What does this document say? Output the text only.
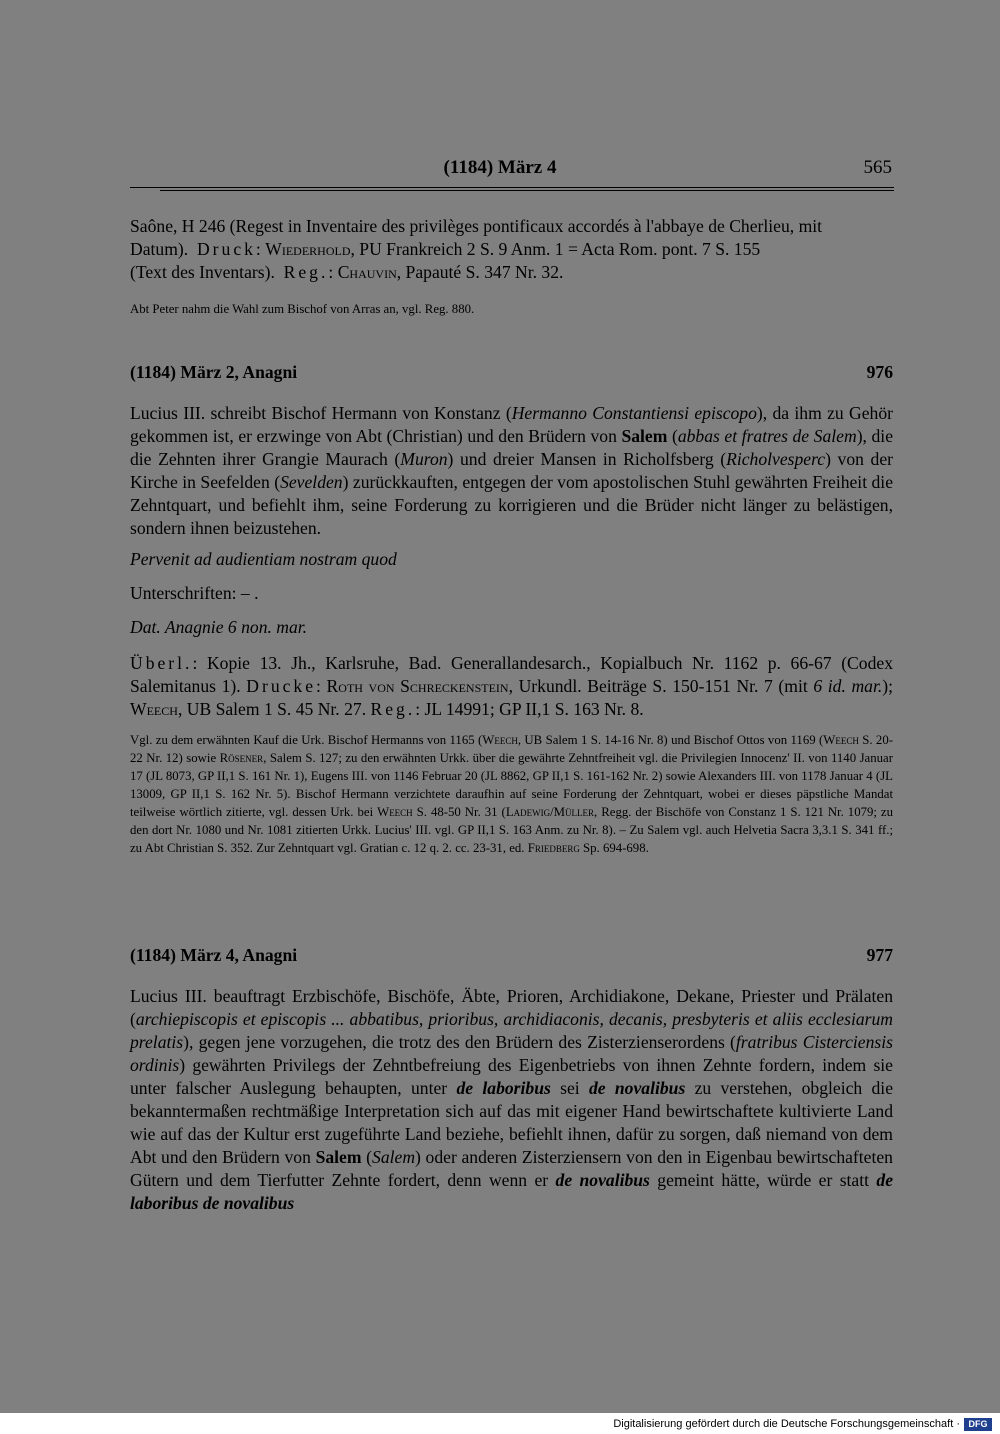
(1184) März 4	565
Saône, H 246 (Regest in Inventaire des privilèges pontificaux accordés à l'abbaye de Cherlieu, mit
Datum). Druck: Wiederhold, PU Frankreich 2 S. 9 Anm. 1 = Acta Rom. pont. 7 S. 155
(Text des Inventars). Reg.: Chauvin, Papauté S. 347 Nr. 32.
Abt Peter nahm die Wahl zum Bischof von Arras an, vgl. Reg. 880.
(1184) März 2, Anagni	976
Lucius III. schreibt Bischof Hermann von Konstanz (Hermanno Constantiensi episcopo), da ihm zu Gehör gekommen ist, er erzwinge von Abt (Christian) und den Brüdern von Salem (abbas et fratres de Salem), die die Zehnten ihrer Grangie Maurach (Muron) und dreier Mansen in Richolfsberg (Richolvesperc) von der Kirche in Seefelden (Sevelden) zurückkauften, entgegen der vom apostolischen Stuhl gewährten Freiheit die Zehntquart, und befiehlt ihm, seine Forderung zu korrigieren und die Brüder nicht länger zu belästigen, sondern ihnen beizustehen.
Pervenit ad audientiam nostram quod
Unterschriften: – .
Dat. Anagnie 6 non. mar.
Überl.: Kopie 13. Jh., Karlsruhe, Bad. Generallandesarch., Kopialbuch Nr. 1162 p. 66-67 (Codex Salemitanus 1). Drucke: Roth von Schreckenstein, Urkundl. Beiträge S. 150-151 Nr. 7 (mit 6 id. mar.); Weech, UB Salem 1 S. 45 Nr. 27. Reg.: JL 14991; GP II,1 S. 163 Nr. 8.
Vgl. zu dem erwähnten Kauf die Urk. Bischof Hermanns von 1165 (Weech, UB Salem 1 S. 14-16 Nr. 8) und Bischof Ottos von 1169 (Weech S. 20-22 Nr. 12) sowie Rösener, Salem S. 127; zu den erwähnten Urkk. über die gewährte Zehntfreiheit vgl. die Privilegien Innocenz' II. von 1140 Januar 17 (JL 8073, GP II,1 S. 161 Nr. 1), Eugens III. von 1146 Februar 20 (JL 8862, GP II,1 S. 161-162 Nr. 2) sowie Alexanders III. von 1178 Januar 4 (JL 13009, GP II,1 S. 162 Nr. 5). Bischof Hermann verzichtete daraufhin auf seine Forderung der Zehntquart, wobei er dieses päpstliche Mandat teilweise wörtlich zitierte, vgl. dessen Urk. bei Weech S. 48-50 Nr. 31 (Ladewig/Müller, Regg. der Bischöfe von Constanz 1 S. 121 Nr. 1079; zu den dort Nr. 1080 und Nr. 1081 zitierten Urkk. Lucius' III. vgl. GP II,1 S. 163 Anm. zu Nr. 8). – Zu Salem vgl. auch Helvetia Sacra 3,3.1 S. 341 ff.; zu Abt Christian S. 352. Zur Zehntquart vgl. Gratian c. 12 q. 2. cc. 23-31, ed. Friedberg Sp. 694-698.
(1184) März 4, Anagni	977
Lucius III. beauftragt Erzbischöfe, Bischöfe, Äbte, Prioren, Archidiakone, Dekane, Priester und Prälaten (archiepiscopis et episcopis ... abbatibus, prioribus, archidiaconis, decanis, presbyteris et aliis ecclesiarum prelatis), gegen jene vorzugehen, die trotz des den Brüdern des Zisterzienserordens (fratribus Cisterciensis ordinis) gewährten Privilegs der Zehntbefreiung des Eigenbetriebs von ihnen Zehnte fordern, indem sie unter falscher Auslegung behaupten, unter de laboribus sei de novalibus zu verstehen, obgleich die bekanntermaßen rechtmäßige Interpretation sich auf das mit eigener Hand bewirtschaftete kultivierte Land wie auf das der Kultur erst zugeführte Land beziehe, befiehlt ihnen, dafür zu sorgen, daß niemand von dem Abt und den Brüdern von Salem (Salem) oder anderen Zisterziensern von den in Eigenbau bewirtschafteten Gütern und dem Tierfutter Zehnte fordert, denn wenn er de novalibus gemeint hätte, würde er statt de laboribus de novalibus
Digitalisierung gefördert durch die Deutsche Forschungsgemeinschaft · DFG
